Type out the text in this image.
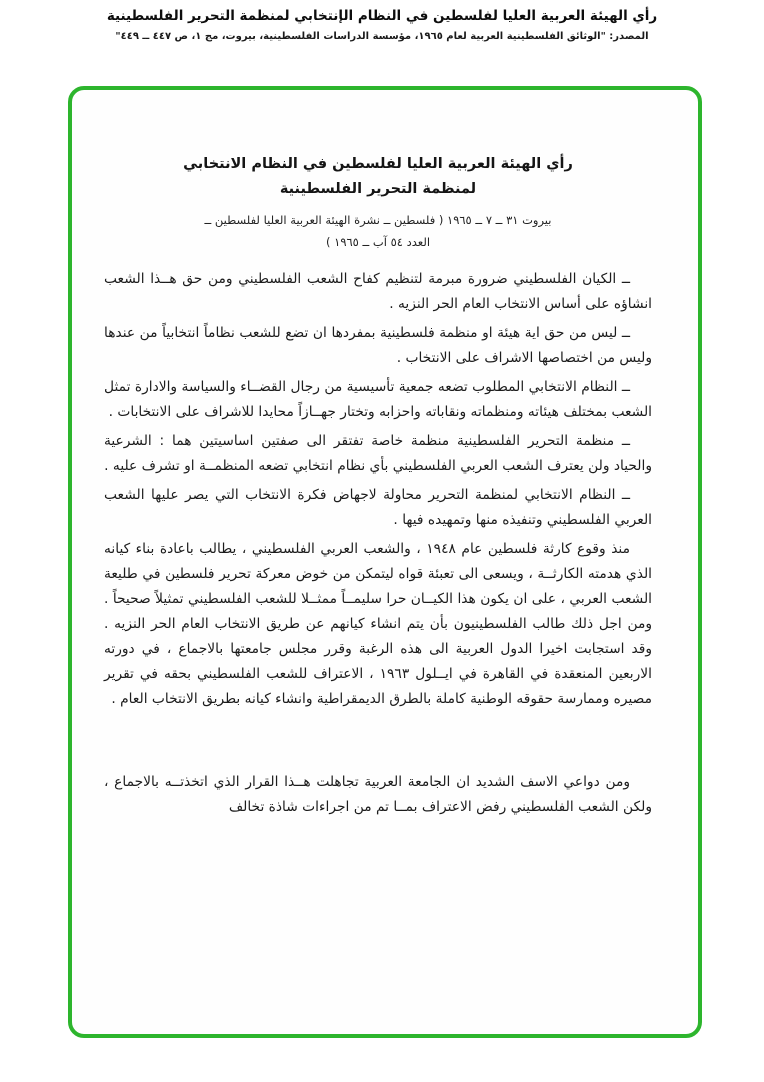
رأي الهيئة العربية العليا لفلسطين في النظام الإنتخابي لمنظمة التحرير الفلسطينية
المصدر: "الوثائق الفلسطينية العربية لعام ١٩٦٥، مؤسسة الدراسات الفلسطينية، بيروت، مج ١، ص ٤٤٧ ــ ٤٤٩"
رأي الهيئة العربية العليا لفلسطين في النظام الانتخابي
لمنظمة التحرير الفلسطينية
بيروت ٣١ ــ ٧ ــ ١٩٦٥ ( فلسطين ــ نشرة الهيئة العربية العليا لفلسطين ــ
العدد ٥٤ آب ــ ١٩٦٥ )

ــ الكيان الفلسطيني ضرورة مبرمة لتنظيم كفاح الشعب الفلسطيني ومن حق هــذا الشعب انشاؤه على أساس الانتخاب العام الحر النزيه .

ــ ليس من حق اية هيئة او منظمة فلسطينية بمفردها ان تضع للشعب نظاماً انتخابياً من عندها وليس من اختصاصها الاشراف على الانتخاب .

ــ النظام الانتخابي المطلوب تضعه جمعية تأسيسية من رجال القضــاء والسياسة والادارة تمثل الشعب بمختلف هيئاته ومنظماته ونقاباته واحزابه وتختار جهــازاً محايدا للاشراف على الانتخابات .

ــ منظمة التحرير الفلسطينية منظمة خاصة تفتقر الى صفتين اساسيتين هما : الشرعية والحياد ولن يعترف الشعب العربي الفلسطيني بأي نظام انتخابي تضعه المنظمــة او تشرف عليه .

ــ النظام الانتخابي لمنظمة التحرير محاولة لاجهاض فكرة الانتخاب التي يصر عليها الشعب العربي الفلسطيني وتنفيذه منها وتمهيده فيها .

منذ وقوع كارثة فلسطين عام ١٩٤٨ ، والشعب العربي الفلسطيني ، يطالب باعادة بناء كيانه الذي هدمته الكارثــة ، ويسعى الى تعبئة قواه ليتمكن من خوض معركة تحرير فلسطين في طليعة الشعب العربي ، على ان يكون هذا الكيــان حرا سليمــاً ممثــلا للشعب الفلسطيني تمثيلاً صحيحاً . ومن اجل ذلك طالب الفلسطينيون بأن يتم انشاء كيانهم عن طريق الانتخاب العام الحر النزيه . وقد استجابت اخيرا الدول العربية الى هذه الرغبة وقرر مجلس جامعتها بالاجماع ، في دورته الاربعين المنعقدة في القاهرة في ايــلول ١٩٦٣ ، الاعتراف للشعب الفلسطيني بحقه في تقرير مصيره وممارسة حقوقه الوطنية كاملة بالطرق الديمقراطية وانشاء كيانه بطريق الانتخاب العام .

ومن دواعي الاسف الشديد ان الجامعة العربية تجاهلت هــذا القرار الذي اتخذتــه بالاجماع ، ولكن الشعب الفلسطيني رفض الاعتراف بمــا تم من اجراءات شاذة تخالف
